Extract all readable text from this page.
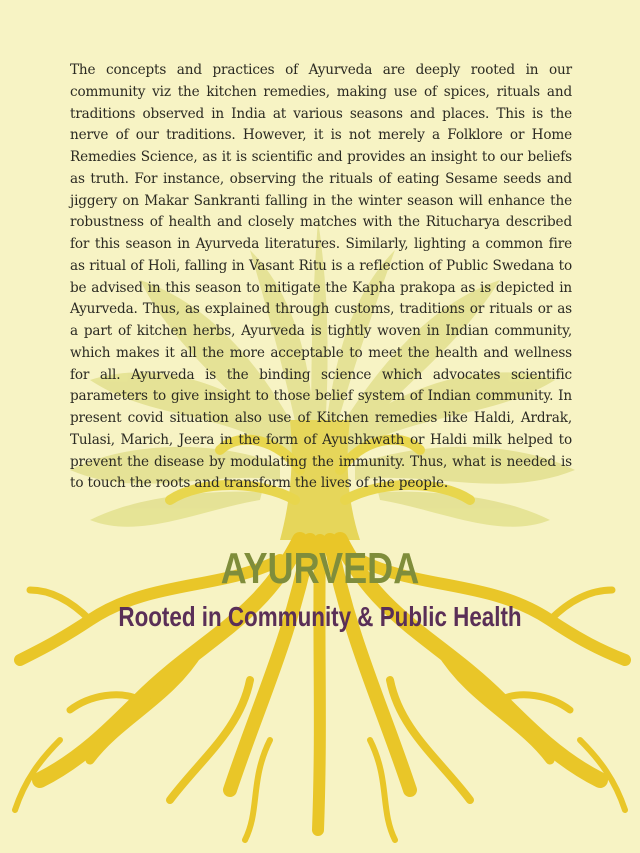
The concepts and practices of Ayurveda are deeply rooted in our community viz the kitchen remedies, making use of spices, rituals and traditions observed in India at various seasons and places. This is the nerve of our traditions. However, it is not merely a Folklore or Home Remedies Science, as it is scientific and provides an insight to our beliefs as truth. For instance, observing the rituals of eating Sesame seeds and jiggery on Makar Sankranti falling in the winter season will enhance the robustness of health and closely matches with the Ritucharya described for this season in Ayurveda literatures. Similarly, lighting a common fire as ritual of Holi, falling in Vasant Ritu is a reflection of Public Swedana to be advised in this season to mitigate the Kapha prakopa as is depicted in Ayurveda. Thus, as explained through customs, traditions or rituals or as a part of kitchen herbs, Ayurveda is tightly woven in Indian community, which makes it all the more acceptable to meet the health and wellness for all. Ayurveda is the binding science which advocates scientific parameters to give insight to those belief system of Indian community. In present covid situation also use of Kitchen remedies like Haldi, Ardrak, Tulasi, Marich, Jeera in the form of Ayushkwath or Haldi milk helped to prevent the disease by modulating the immunity. Thus, what is needed is to touch the roots and transform the lives of the people.

AYURVEDA
Rooted in Community & Public Health
